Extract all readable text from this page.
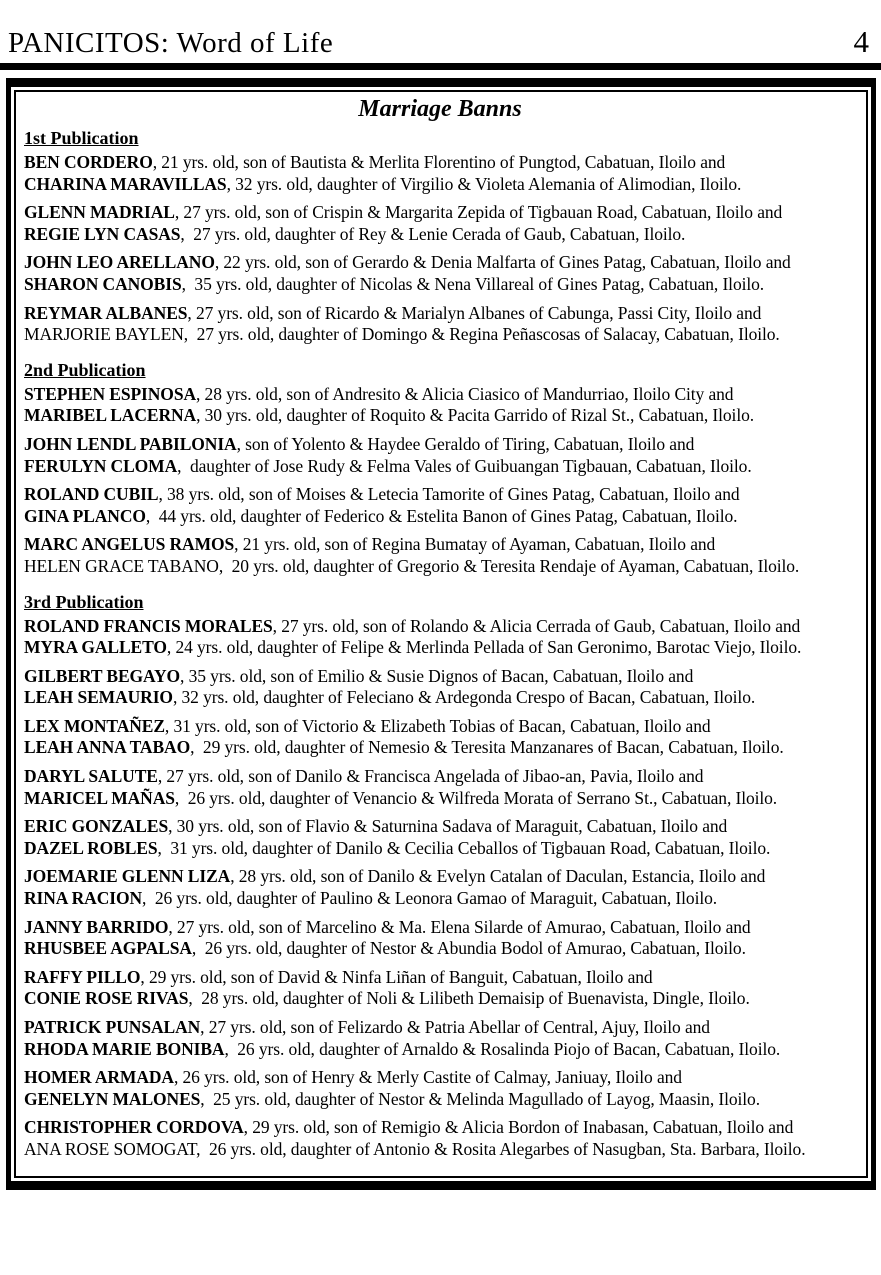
PANICITOS: Word of Life	4
Marriage Banns
1st Publication

BEN CORDERO, 21 yrs. old, son of Bautista & Merlita Florentino of Pungtod, Cabatuan, Iloilo and
CHARINA MARAVILLAS, 32 yrs. old, daughter of Virgilio & Violeta Alemania of Alimodian, Iloilo.

GLENN MADRIAL, 27 yrs. old, son of Crispin & Margarita Zepida of Tigbauan Road, Cabatuan, Iloilo and
REGIE LYN CASAS,  27 yrs. old, daughter of Rey & Lenie Cerada of Gaub, Cabatuan, Iloilo.

JOHN LEO ARELLANO, 22 yrs. old, son of Gerardo & Denia Malfarta of Gines Patag, Cabatuan, Iloilo and
SHARON CANOBIS,  35 yrs. old, daughter of Nicolas & Nena Villareal of Gines Patag, Cabatuan, Iloilo.

REYMAR ALBANES, 27 yrs. old, son of Ricardo & Marialyn Albanes of Cabunga, Passi City, Iloilo and
MARJORIE BAYLEN,  27 yrs. old, daughter of Domingo & Regina Peñascosas of Salacay, Cabatuan, Iloilo.

2nd Publication

STEPHEN ESPINOSA, 28 yrs. old, son of Andresito & Alicia Ciasico of Mandurriao, Iloilo City and
MARIBEL LACERNA, 30 yrs. old, daughter of Roquito & Pacita Garrido of Rizal St., Cabatuan, Iloilo.

JOHN LENDL PABILONIA, son of Yolento & Haydee Geraldo of Tiring, Cabatuan, Iloilo and
FERULYN CLOMA,  daughter of Jose Rudy & Felma Vales of Guibuangan Tigbauan, Cabatuan, Iloilo.

ROLAND CUBIL, 38 yrs. old, son of Moises & Letecia Tamorite of Gines Patag, Cabatuan, Iloilo and
GINA PLANCO,  44 yrs. old, daughter of Federico & Estelita Banon of Gines Patag, Cabatuan, Iloilo.

MARC ANGELUS RAMOS, 21 yrs. old, son of Regina Bumatay of Ayaman, Cabatuan, Iloilo and
HELEN GRACE TABANO,  20 yrs. old, daughter of Gregorio & Teresita Rendaje of Ayaman, Cabatuan, Iloilo.

3rd Publication

ROLAND FRANCIS MORALES, 27 yrs. old, son of Rolando & Alicia Cerrada of Gaub, Cabatuan, Iloilo and
MYRA GALLETO, 24 yrs. old, daughter of Felipe & Merlinda Pellada of San Geronimo, Barotac Viejo, Iloilo.

GILBERT BEGAYO, 35 yrs. old, son of Emilio & Susie Dignos of Bacan, Cabatuan, Iloilo and
LEAH SEMAURIO, 32 yrs. old, daughter of Feleciano & Ardegonda Crespo of Bacan, Cabatuan, Iloilo.

LEX MONTAÑEZ, 31 yrs. old, son of Victorio & Elizabeth Tobias of Bacan, Cabatuan, Iloilo and
LEAH ANNA TABAO,  29 yrs. old, daughter of Nemesio & Teresita Manzanares of Bacan, Cabatuan, Iloilo.

DARYL SALUTE, 27 yrs. old, son of Danilo & Francisca Angelada of Jibao-an, Pavia, Iloilo and
MARICEL MAÑAS,  26 yrs. old, daughter of Venancio & Wilfreda Morata of Serrano St., Cabatuan, Iloilo.

ERIC GONZALES, 30 yrs. old, son of Flavio & Saturnina Sadava of Maraguit, Cabatuan, Iloilo and
DAZEL ROBLES,  31 yrs. old, daughter of Danilo & Cecilia Ceballos of Tigbauan Road, Cabatuan, Iloilo.

JOEMARIE GLENN LIZA, 28 yrs. old, son of Danilo & Evelyn Catalan of Daculan, Estancia, Iloilo and
RINA RACION,  26 yrs. old, daughter of Paulino & Leonora Gamao of Maraguit, Cabatuan, Iloilo.

JANNY BARRIDO, 27 yrs. old, son of Marcelino & Ma. Elena Silarde of Amurao, Cabatuan, Iloilo and
RHUSBEE AGPALSA,  26 yrs. old, daughter of Nestor & Abundia Bodol of Amurao, Cabatuan, Iloilo.

RAFFY PILLO, 29 yrs. old, son of David & Ninfa Liñan of Banguit, Cabatuan, Iloilo and
CONIE ROSE RIVAS,  28 yrs. old, daughter of Noli & Lilibeth Demaisip of Buenavista, Dingle, Iloilo.

PATRICK PUNSALAN, 27 yrs. old, son of Felizardo & Patria Abellar of Central, Ajuy, Iloilo and
RHODA MARIE BONIBA,  26 yrs. old, daughter of Arnaldo & Rosalinda Piojo of Bacan, Cabatuan, Iloilo.

HOMER ARMADA, 26 yrs. old, son of Henry & Merly Castite of Calmay, Janiuay, Iloilo and
GENELYN MALONES,  25 yrs. old, daughter of Nestor & Melinda Magullado of Layog, Maasin, Iloilo.

CHRISTOPHER CORDOVA, 29 yrs. old, son of Remigio & Alicia Bordon of Inabasan, Cabatuan, Iloilo and
ANA ROSE SOMOGAT,  26 yrs. old, daughter of Antonio & Rosita Alegarbes of Nasugban, Sta. Barbara, Iloilo.
